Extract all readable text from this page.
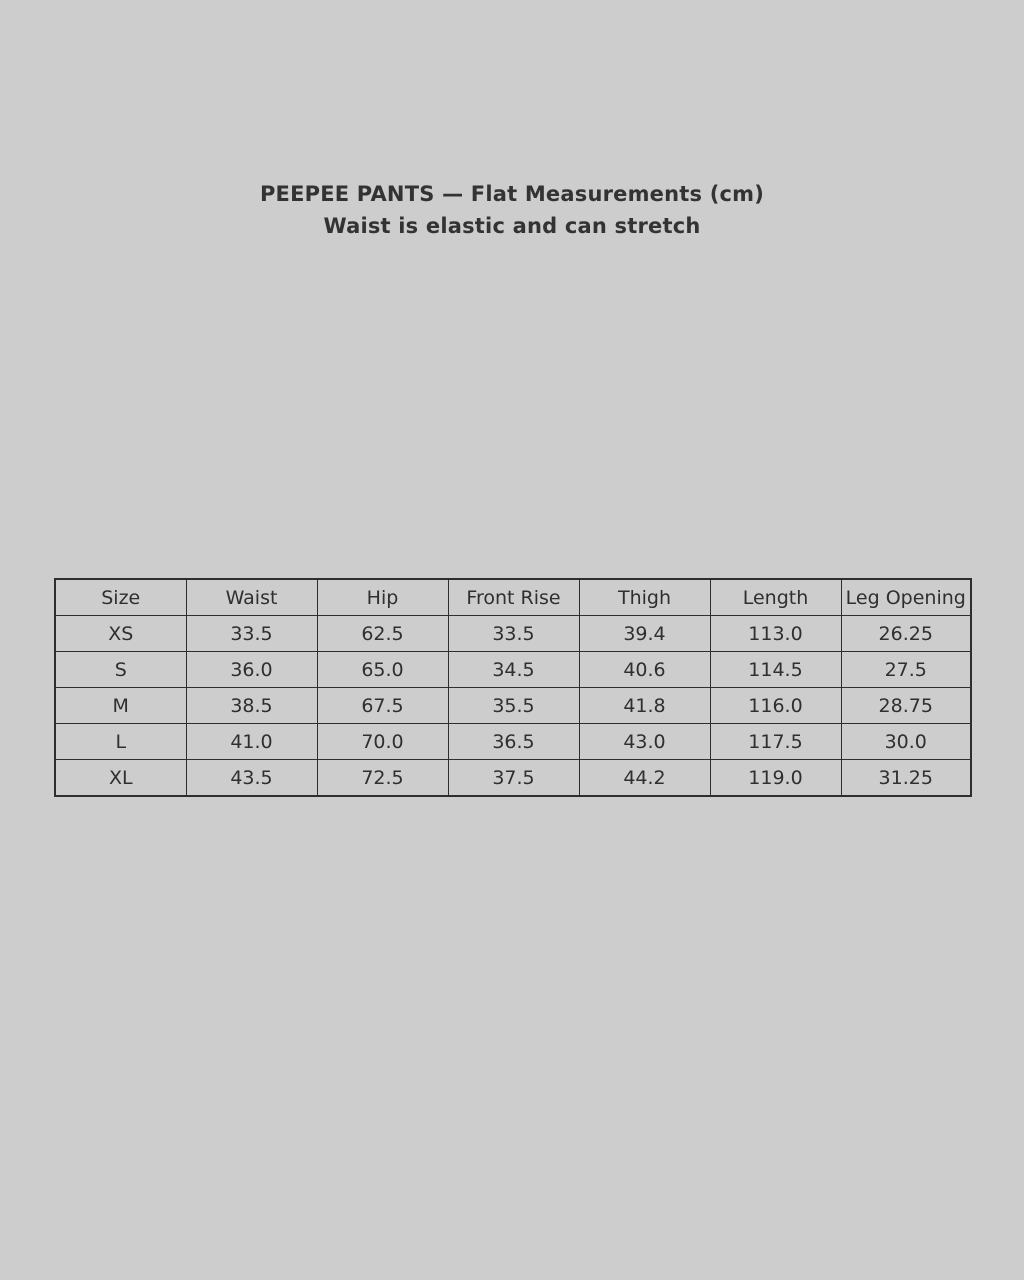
PEEPEE PANTS — Flat Measurements (cm)
Waist is elastic and can stretch
Size	Waist	Hip	Front Rise	Thigh	Length	Leg Opening
XS	33.5	62.5	33.5	39.4	113.0	26.25
S	36.0	65.0	34.5	40.6	114.5	27.5
M	38.5	67.5	35.5	41.8	116.0	28.75
L	41.0	70.0	36.5	43.0	117.5	30.0
XL	43.5	72.5	37.5	44.2	119.0	31.25
